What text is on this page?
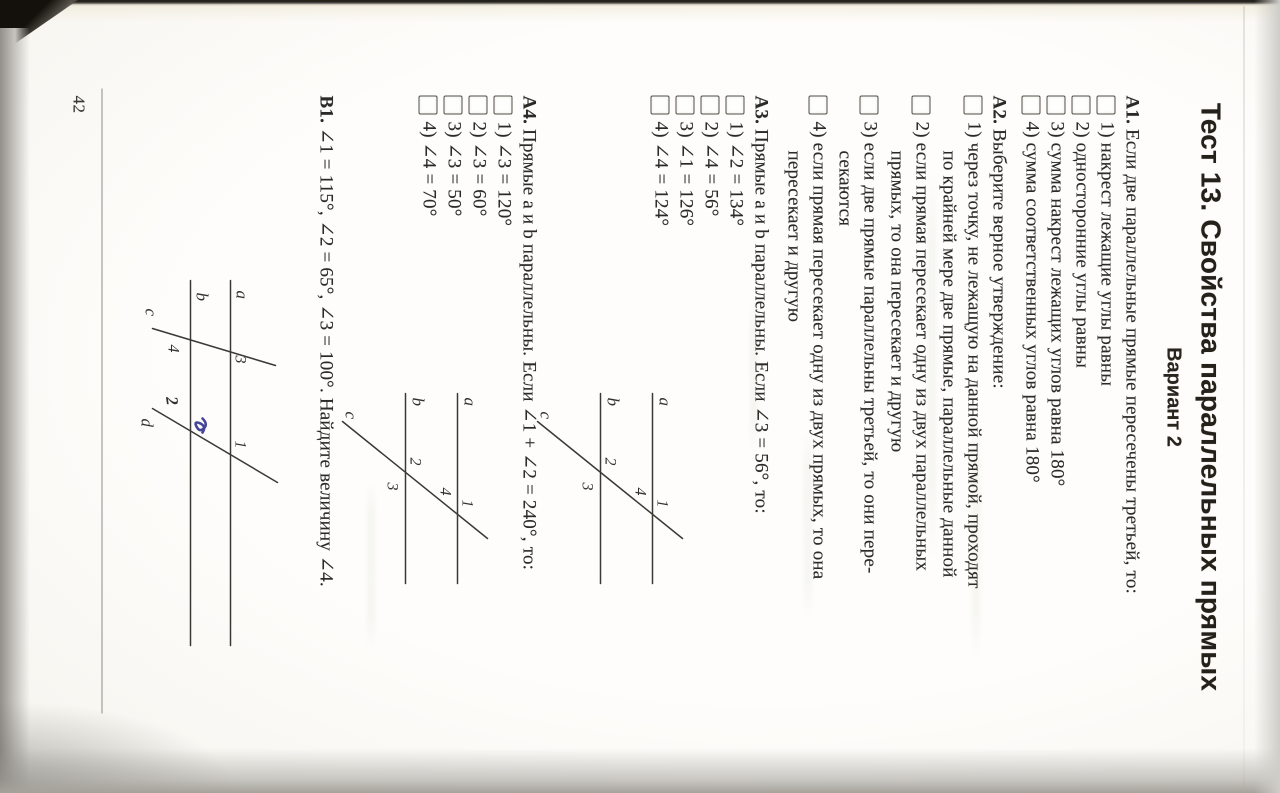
Тест 13. Свойства параллельных прямых
Вариант 2
А1. Если две параллельные прямые пересечены третьей, то:
1) накрест лежащие углы равны
2) односторонние углы равны
3) сумма накрест лежащих углов равна 180°
4) сумма соответственных углов равна 180°
А2. Выберите верное утверждение:
1) через точку, не лежащую на данной прямой, проходят
по крайней мере две прямые, параллельные данной
2) если прямая пересекает одну из двух параллельных
прямых, то она пересекает и другую
3) если две прямые параллельны третьей, то они пере-
секаются
4) если прямая пересекает одну из двух прямых, то она
пересекает и другую
А3. Прямые a и b параллельны. Если ∠3 = 56°, то:
1) ∠2 = 134°
2) ∠4 = 56°
3) ∠1 = 126°
4) ∠4 = 124°
А4. Прямые a и b параллельны. Если ∠1 + ∠2 = 240°, то:
1) ∠3 = 120°
2) ∠3 = 60°
3) ∠3 = 50°
4) ∠4 = 70°
В1. ∠1 = 115°, ∠2 = 65°, ∠3 = 100°. Найдите величину ∠4.	a
b
c
1
4
2
3
a
b
c
1
4
2
3
a
b
c
d
3
1
4
2
42
